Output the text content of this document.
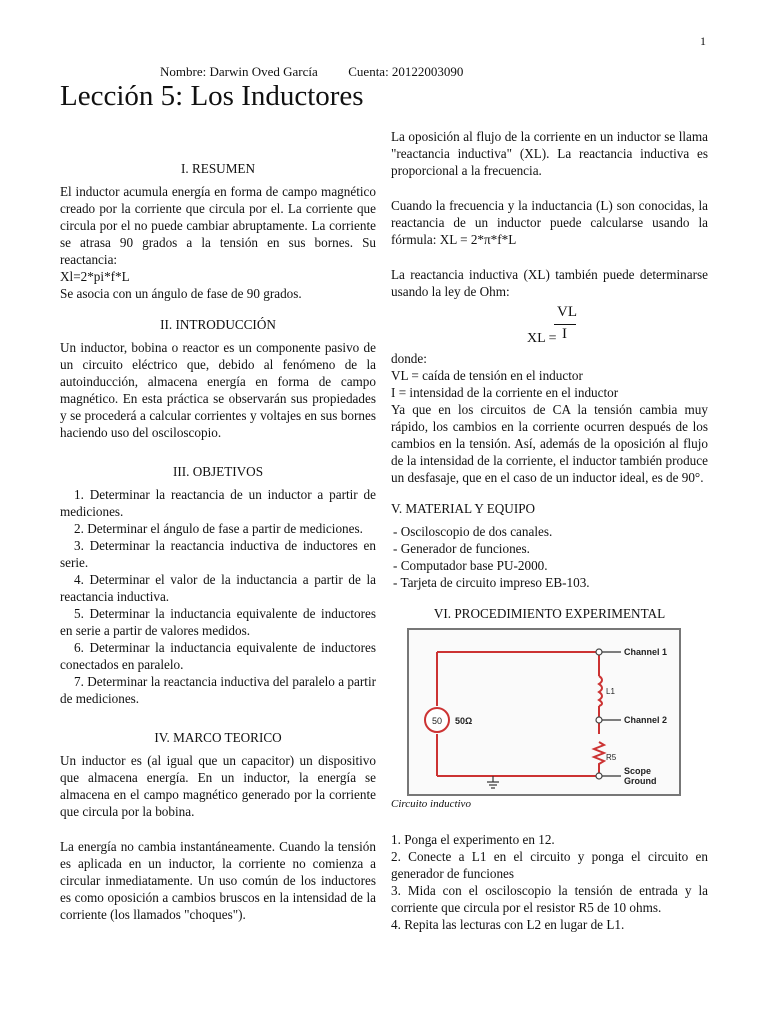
1
Nombre: Darwin Oved García Cuenta: 20122003090
Lección 5: Los Inductores

I. RESUMEN

El inductor acumula energía en forma de campo magnético creado por la corriente que circula por el. La corriente que circula por el no puede cambiar abruptamente. La corriente se atrasa 90 grados a la tensión en sus bornes. Su reactancia:

Xl=2*pi*f*L

Se asocia con un ángulo de fase de 90 grados.

II. INTRODUCCIÓN

Un inductor, bobina o reactor es un componente pasivo de un circuito eléctrico que, debido al fenómeno de la autoinducción, almacena energía en forma de campo magnético. En esta práctica se observarán sus propiedades y se procederá a calcular corrientes y voltajes en sus bornes haciendo uso del osciloscopio.

III. OBJETIVOS

1. Determinar la reactancia de un inductor a partir de mediciones.

2. Determinar el ángulo de fase a partir de mediciones.

3. Determinar la reactancia inductiva de inductores en serie.

4. Determinar el valor de la inductancia a partir de la reactancia inductiva.

5. Determinar la inductancia equivalente de inductores en serie a partir de valores medidos.

6. Determinar la inductancia equivalente de inductores conectados en paralelo.

7. Determinar la reactancia inductiva del paralelo a partir de mediciones.

IV. MARCO TEORICO

Un inductor es (al igual que un capacitor) un dispositivo que almacena energía. En un inductor, la energía se almacena en el campo magnético generado por la corriente que circula por la bobina.

La energía no cambia instantáneamente. Cuando la tensión es aplicada en un inductor, la corriente no comienza a circular inmediatamente. Un uso común de los inductores es como oposición a cambios bruscos en la intensidad de la corriente (los llamados "choques").

La oposición al flujo de la corriente en un inductor se llama "reactancia inductiva" (XL). La reactancia inductiva es proporcional a la frecuencia.

Cuando la frecuencia y la inductancia (L) son conocidas, la reactancia de un inductor puede calcularse usando la fórmula: XL = 2*π*f*L

La reactancia inductiva (XL) también puede determinarse usando la ley de Ohm:

VL
I
XL =

donde:

VL = caída de tensión en el inductor

I = intensidad de la corriente en el inductor

Ya que en los circuitos de CA la tensión cambia muy rápido, los cambios en la corriente ocurren después de los cambios en la tensión. Así, además de la oposición al flujo de la intensidad de la corriente, el inductor también produce un desfasaje, que en el caso de un inductor ideal, es de 90°.

V. MATERIAL Y EQUIPO

- Osciloscopio de dos canales.

- Generador de funciones.

- Computador base PU-2000.

- Tarjeta de circuito impreso EB-103.

VI. PROCEDIMIENTO EXPERIMENTAL

50 50Ω
L1
R5
Channel 1
Channel 2
Scope
Ground

Circuito inductivo

1. Ponga el experimento en 12.

2. Conecte a L1 en el circuito y ponga el circuito en generador de funciones

3. Mida con el osciloscopio la tensión de entrada y la corriente que circula por el resistor R5 de 10 ohms.

4. Repita las lecturas con L2 en lugar de L1.
